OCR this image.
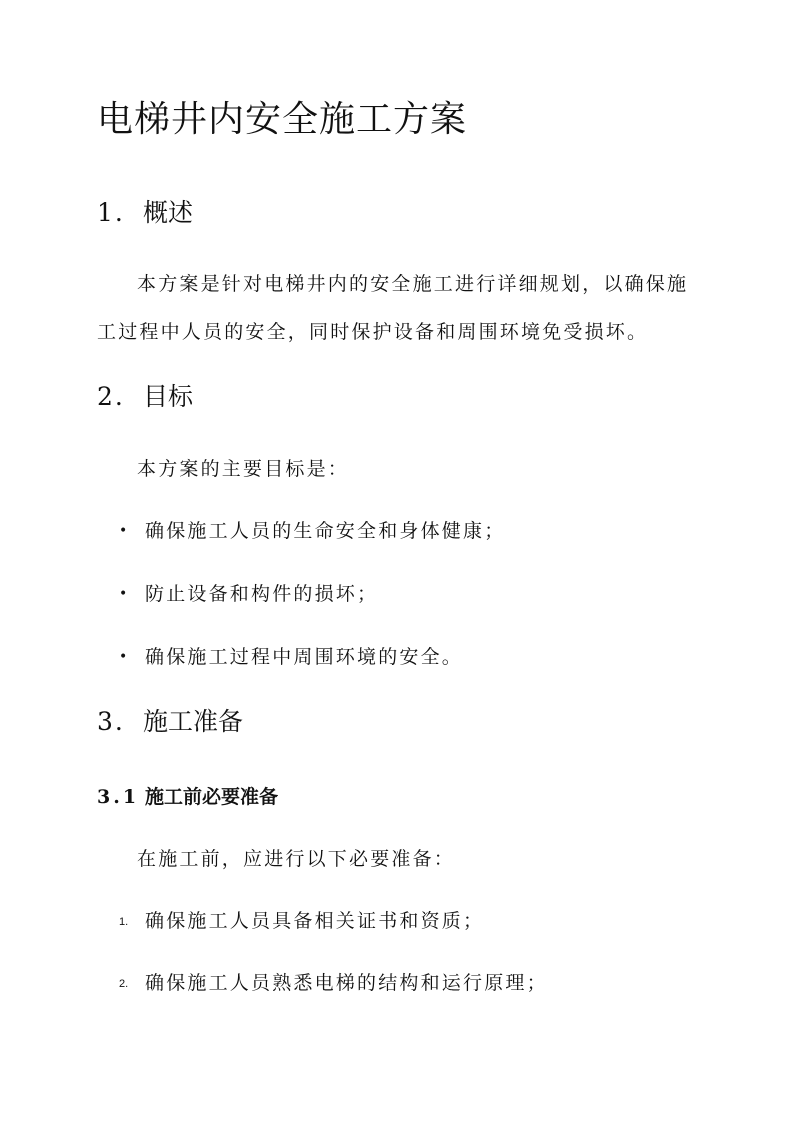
电梯井内安全施工方案
1. 概述

本方案是针对电梯井内的安全施工进行详细规划，以确保施工过程中人员的安全，同时保护设备和周围环境免受损坏。

2. 目标

本方案的主要目标是：

• 确保施工人员的生命安全和身体健康；
• 防止设备和构件的损坏；
• 确保施工过程中周围环境的安全。
3. 施工准备
3.1 施工前必要准备

在施工前，应进行以下必要准备：

1. 确保施工人员具备相关证书和资质；
2. 确保施工人员熟悉电梯的结构和运行原理；
